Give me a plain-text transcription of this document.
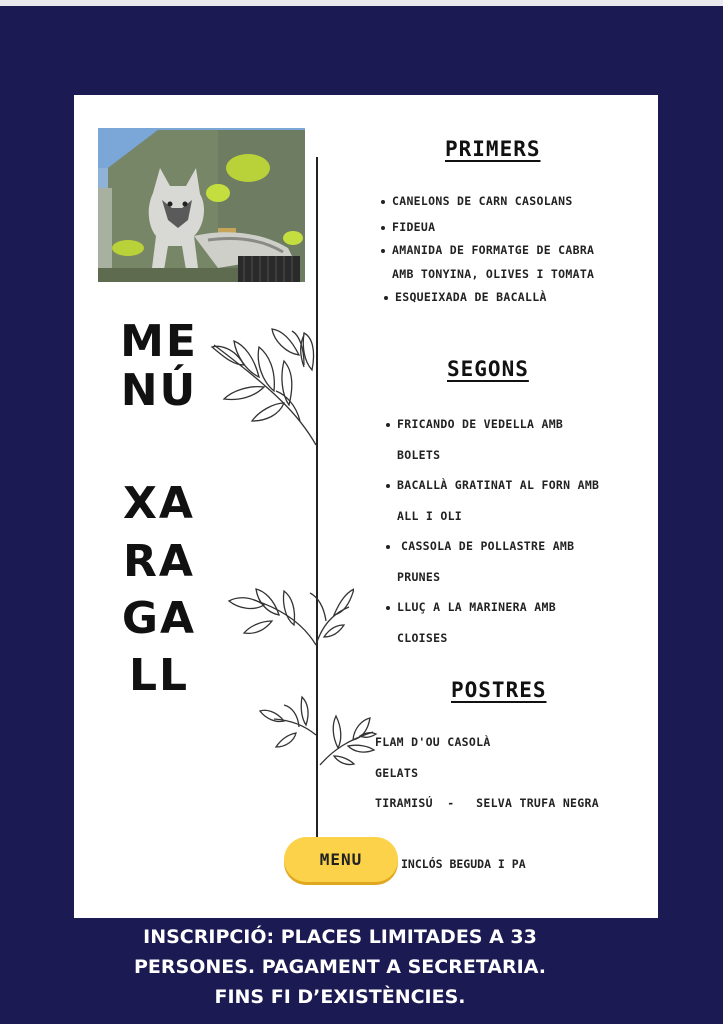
ME
NÚ
XA
RA
GA
LL
PRIMERS
CANELONS DE CARN CASOLANS
FIDEUA
AMANIDA DE FORMATGE DE CABRA
AMB TONYINA, OLIVES I TOMATA
ESQUEIXADA DE BACALLÀ
SEGONS
FRICANDO DE VEDELLA AMB
BOLETS
BACALLÀ GRATINAT AL FORN AMB
ALL I OLI
CASSOLA DE POLLASTRE AMB
PRUNES
LLUÇ A LA MARINERA AMB
CLOISES
POSTRES
FLAM D'OU CASOLÀ
GELATS
TIRAMISÚ  -   SELVA TRUFA NEGRA
MENU	INCLÓS BEGUDA I PA
INSCRIPCIÓ: PLACES LIMITADES A 33
PERSONES. PAGAMENT A SECRETARIA.
FINS FI D’EXISTÈNCIES.
